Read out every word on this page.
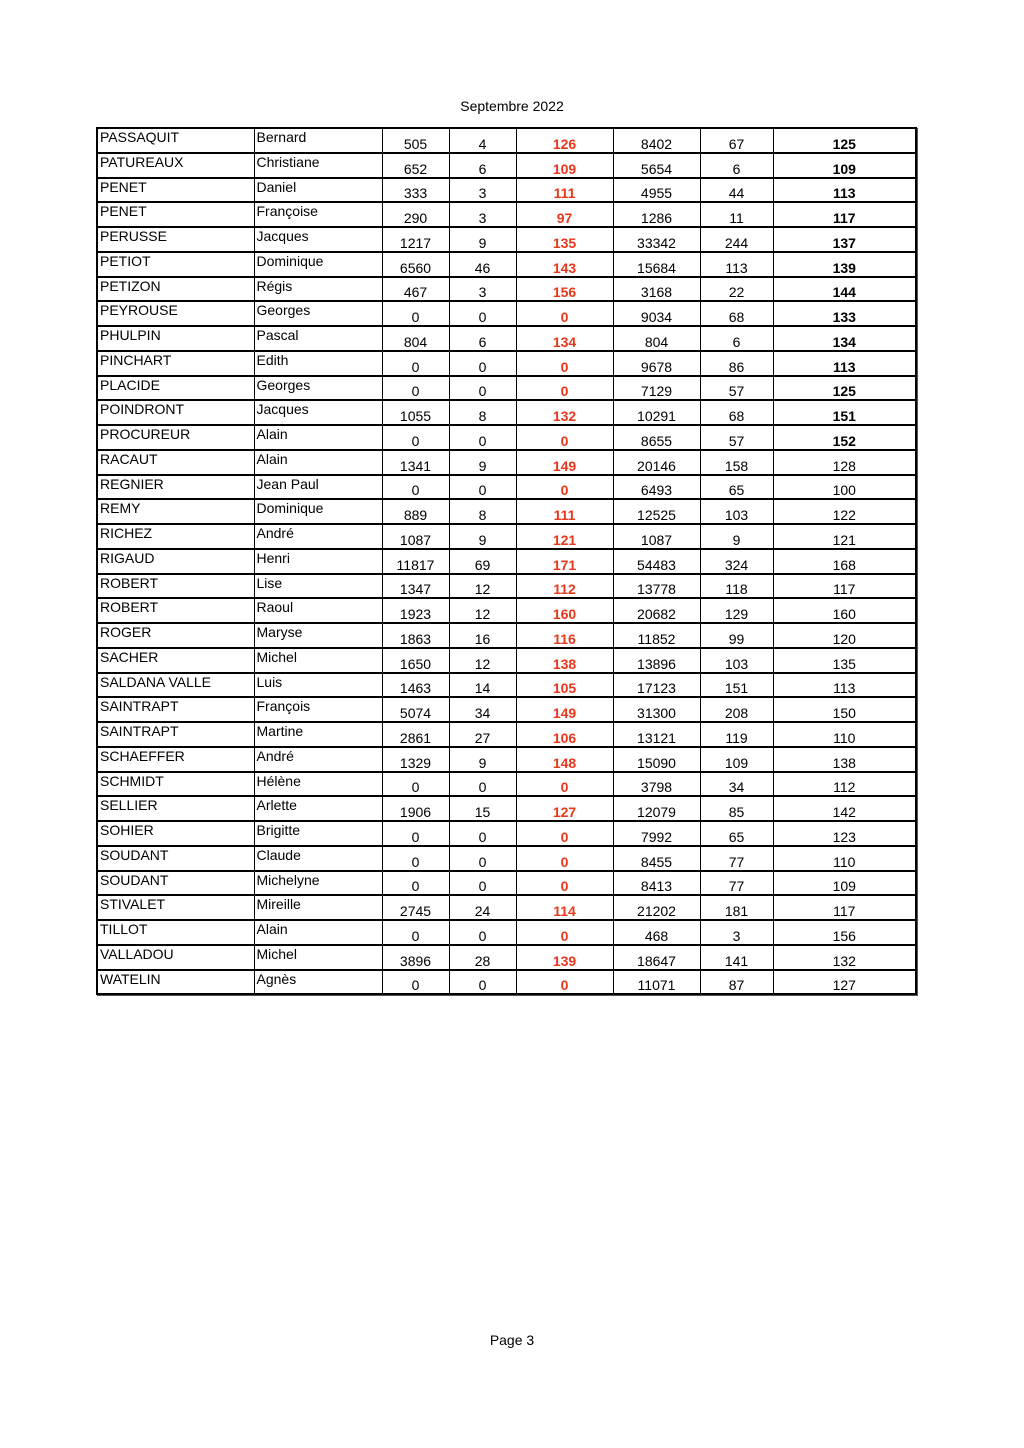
Septembre 2022
PASSAQUIT	Bernard	505	4	126	8402	67	125
PATUREAUX	Christiane	652	6	109	5654	6	109
PENET	Daniel	333	3	111	4955	44	113
PENET	Françoise	290	3	97	1286	11	117
PERUSSE	Jacques	1217	9	135	33342	244	137
PETIOT	Dominique	6560	46	143	15684	113	139
PETIZON	Régis	467	3	156	3168	22	144
PEYROUSE	Georges	0	0	0	9034	68	133
PHULPIN	Pascal	804	6	134	804	6	134
PINCHART	Edith	0	0	0	9678	86	113
PLACIDE	Georges	0	0	0	7129	57	125
POINDRONT	Jacques	1055	8	132	10291	68	151
PROCUREUR	Alain	0	0	0	8655	57	152
RACAUT	Alain	1341	9	149	20146	158	128
REGNIER	Jean Paul	0	0	0	6493	65	100
REMY	Dominique	889	8	111	12525	103	122
RICHEZ	André	1087	9	121	1087	9	121
RIGAUD	Henri	11817	69	171	54483	324	168
ROBERT	Lise	1347	12	112	13778	118	117
ROBERT	Raoul	1923	12	160	20682	129	160
ROGER	Maryse	1863	16	116	11852	99	120
SACHER	Michel	1650	12	138	13896	103	135
SALDANA VALLE	Luis	1463	14	105	17123	151	113
SAINTRAPT	François	5074	34	149	31300	208	150
SAINTRAPT	Martine	2861	27	106	13121	119	110
SCHAEFFER	André	1329	9	148	15090	109	138
SCHMIDT	Hélène	0	0	0	3798	34	112
SELLIER	Arlette	1906	15	127	12079	85	142
SOHIER	Brigitte	0	0	0	7992	65	123
SOUDANT	Claude	0	0	0	8455	77	110
SOUDANT	Michelyne	0	0	0	8413	77	109
STIVALET	Mireille	2745	24	114	21202	181	117
TILLOT	Alain	0	0	0	468	3	156
VALLADOU	Michel	3896	28	139	18647	141	132
WATELIN	Agnès	0	0	0	11071	87	127
Page 3
